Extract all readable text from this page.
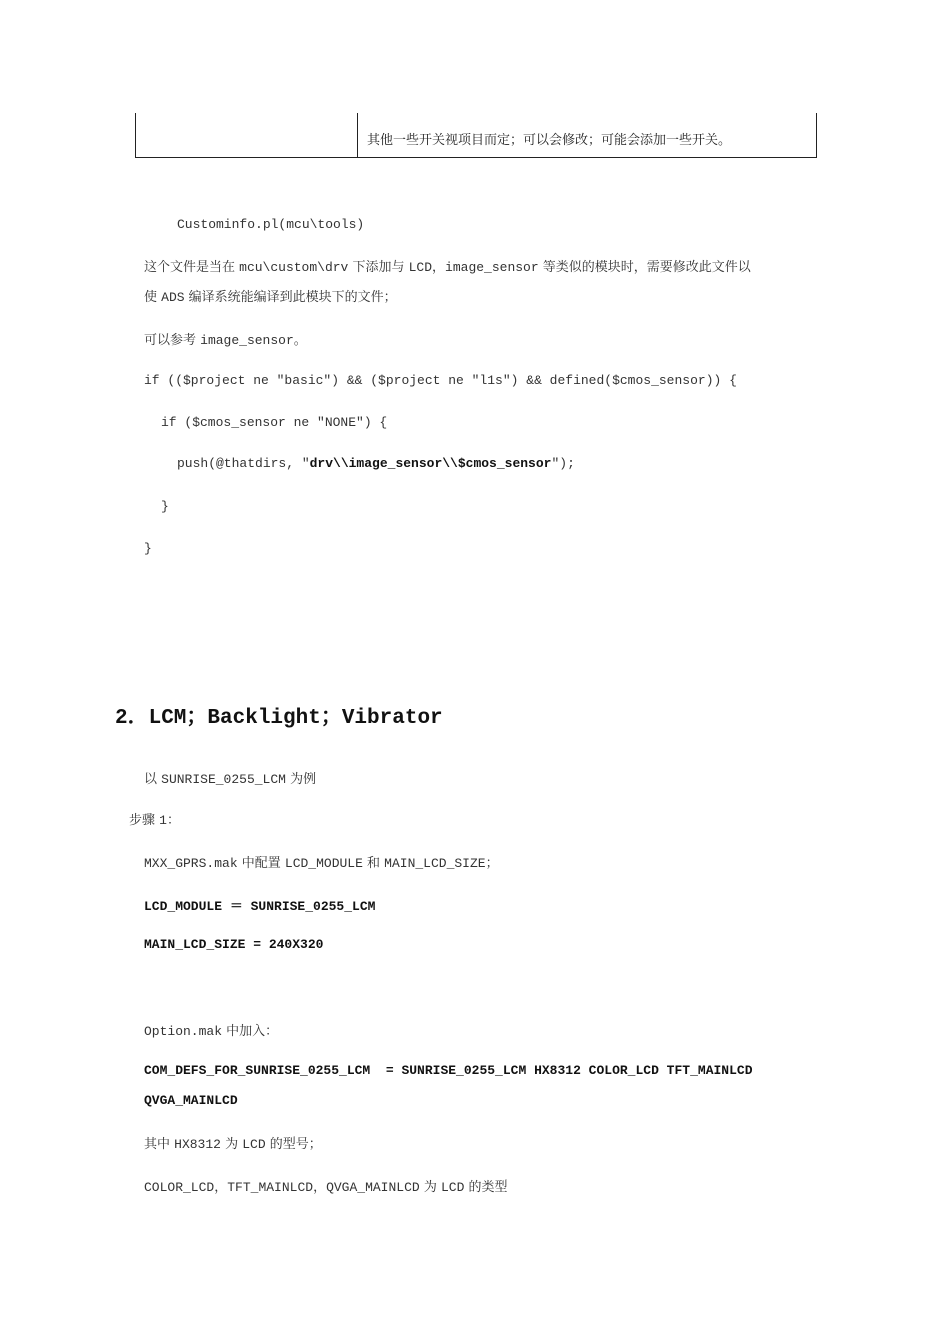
其他一些开关视项目而定；可以会修改；可能会添加一些开关。
Custominfo.pl(mcu\tools)
这个文件是当在 mcu\custom\drv 下添加与 LCD，image_sensor 等类似的模块时，需要修改此文件以
使 ADS 编译系统能编译到此模块下的文件；
可以参考 image_sensor。
if (($project ne "basic") && ($project ne "l1s") && defined($cmos_sensor)) {
if ($cmos_sensor ne "NONE") {
push(@thatdirs, "drv\\image_sensor\\$cmos_sensor");
}
}
2．LCM；Backlight；Vibrator
以 SUNRISE_0255_LCM 为例
步骤 1：
MXX_GPRS.mak 中配置 LCD_MODULE 和 MAIN_LCD_SIZE；
LCD_MODULE ＝ SUNRISE_0255_LCM
MAIN_LCD_SIZE = 240X320
Option.mak 中加入：
COM_DEFS_FOR_SUNRISE_0255_LCM  = SUNRISE_0255_LCM HX8312 COLOR_LCD TFT_MAINLCD
QVGA_MAINLCD
其中 HX8312 为 LCD 的型号；
COLOR_LCD，TFT_MAINLCD，QVGA_MAINLCD 为 LCD 的类型
